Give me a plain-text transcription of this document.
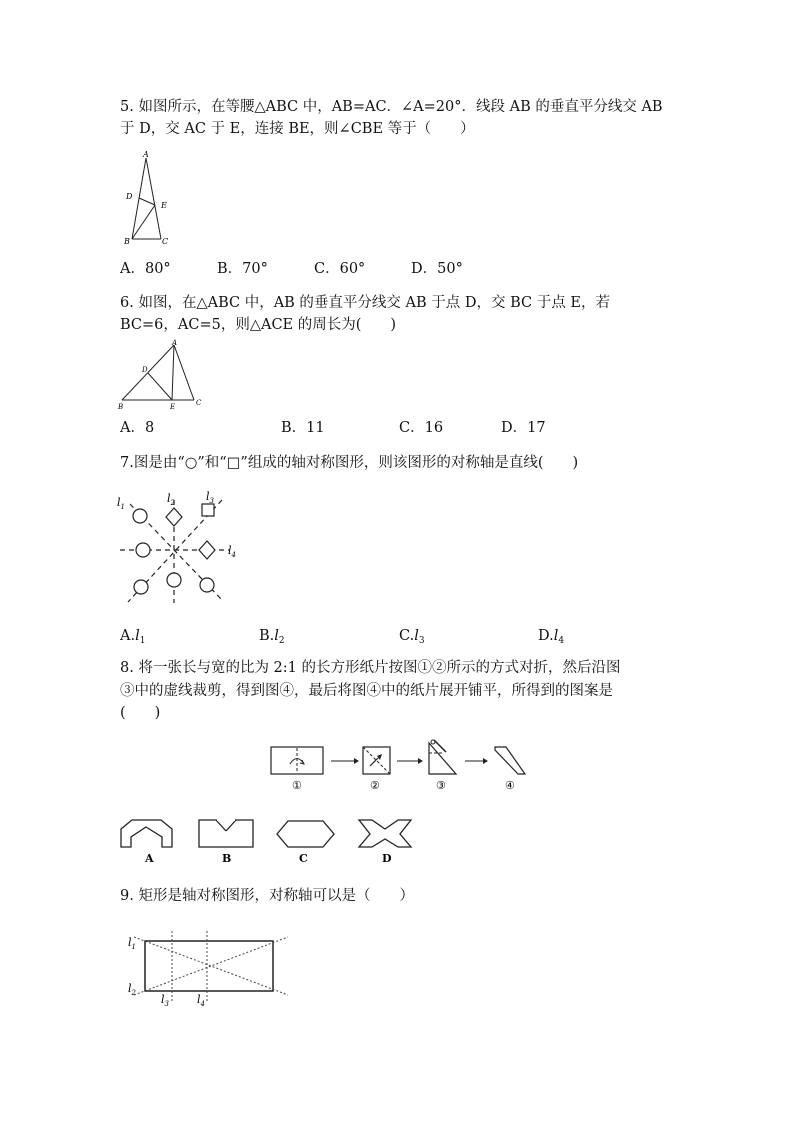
5. 如图所示，在等腰△ABC 中，AB=AC．∠A=20°．线段 AB 的垂直平分线交 AB
于 D，交 AC 于 E，连接 BE，则∠CBE 等于（　　）
A
D
E
B	C
A．80°	B．70°	C．60°	D．50°
6. 如图，在△ABC 中，AB 的垂直平分线交 AB 于点 D，交 BC 于点 E，若
BC=6，AC=5，则△ACE 的周长为(　　)
A
D
B	E	C
A．8	B．11	C．16	D．17
7.图是由“○”和“□”组成的轴对称图形，则该图形的对称轴是直线(　　)
$l_1$
$l_2$	$l_3$
$l_4$
$A.l_1$	$B.l_2$	$C.l_3$	$D.l_4$
8. 将一张长与宽的比为 2:1 的长方形纸片按图①②所示的方式对折，然后沿图
③中的虚线裁剪，得到图④，最后将图④中的纸片展开铺平，所得到的图案是
(　　)
①	②	③	④
A	B	C	D
9. 矩形是轴对称图形，对称轴可以是（　　）
$l_1$
$l_2$ $l_3$	$l_4$
